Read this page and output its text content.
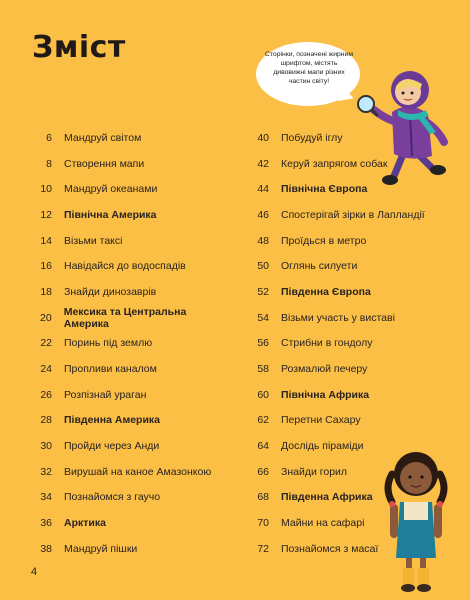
Зміст	Сторінки, позначені жирним шрифтом, містять дивовижні мапи різних частин світу!
6 Мандруй світом
8 Створення мапи
10 Мандруй океанами
12 Північна Америка
14 Візьми таксі
16 Навідайся до водоспадів
18 Знайди динозаврів
20 Мексика та Центральна Америка
22 Поринь під землю
24 Пропливи каналом
26 Розпізнай ураган
28 Південна Америка
30 Пройди через Анди
32 Вирушай на каное Амазонкою
34 Познайомся з гаучо
36 Арктика
38 Мандруй пішки
40 Побудуй іглу
42 Керуй запрягом собак
44 Північна Європа
46 Спостерігай зірки в Лапландії
48 Проїдься в метро
50 Оглянь силуети
52 Південна Європа
54 Візьми участь у виставі
56 Стрибни в гондолу
58 Розмалюй печеру
60 Північна Африка
62 Перетни Сахару
64 Дослідь піраміди
66 Знайди горил
68 Південна Африка
70 Майни на сафарі
72 Познайомся з масаї
4
